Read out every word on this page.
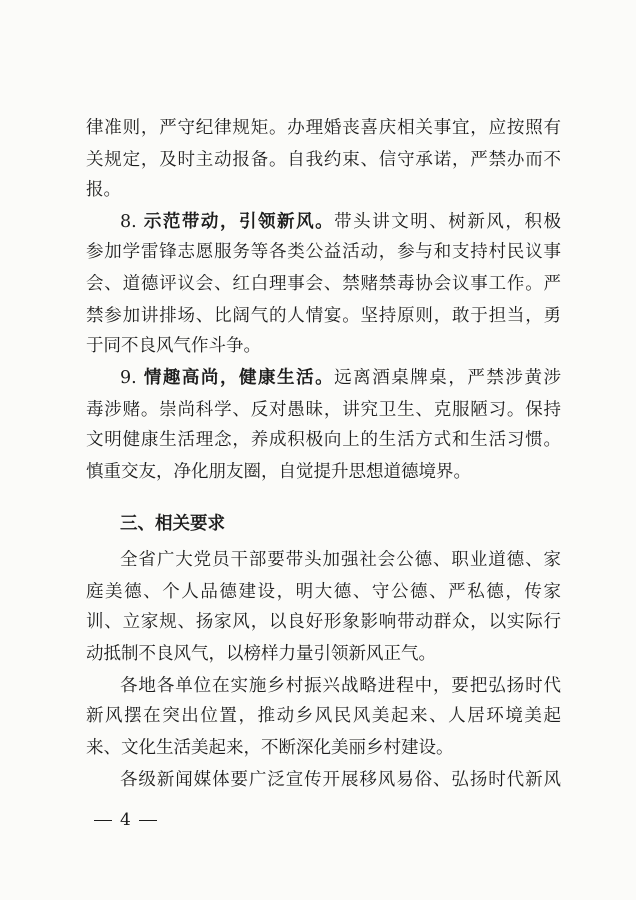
律准则，严守纪律规矩。办理婚丧喜庆相关事宜，应按照有
关规定，及时主动报备。自我约束、信守承诺，严禁办而不
报。
8. 示范带动，引领新风。带头讲文明、树新风，积极
参加学雷锋志愿服务等各类公益活动，参与和支持村民议事
会、道德评议会、红白理事会、禁赌禁毒协会议事工作。严
禁参加讲排场、比阔气的人情宴。坚持原则，敢于担当，勇
于同不良风气作斗争。
9. 情趣高尚，健康生活。远离酒桌牌桌，严禁涉黄涉
毒涉赌。崇尚科学、反对愚昧，讲究卫生、克服陋习。保持
文明健康生活理念，养成积极向上的生活方式和生活习惯。
慎重交友，净化朋友圈，自觉提升思想道德境界。
三、相关要求
全省广大党员干部要带头加强社会公德、职业道德、家
庭美德、个人品德建设，明大德、守公德、严私德，传家
训、立家规、扬家风，以良好形象影响带动群众，以实际行
动抵制不良风气，以榜样力量引领新风正气。
各地各单位在实施乡村振兴战略进程中，要把弘扬时代
新风摆在突出位置，推动乡风民风美起来、人居环境美起
来、文化生活美起来，不断深化美丽乡村建设。
各级新闻媒体要广泛宣传开展移风易俗、弘扬时代新风
4
